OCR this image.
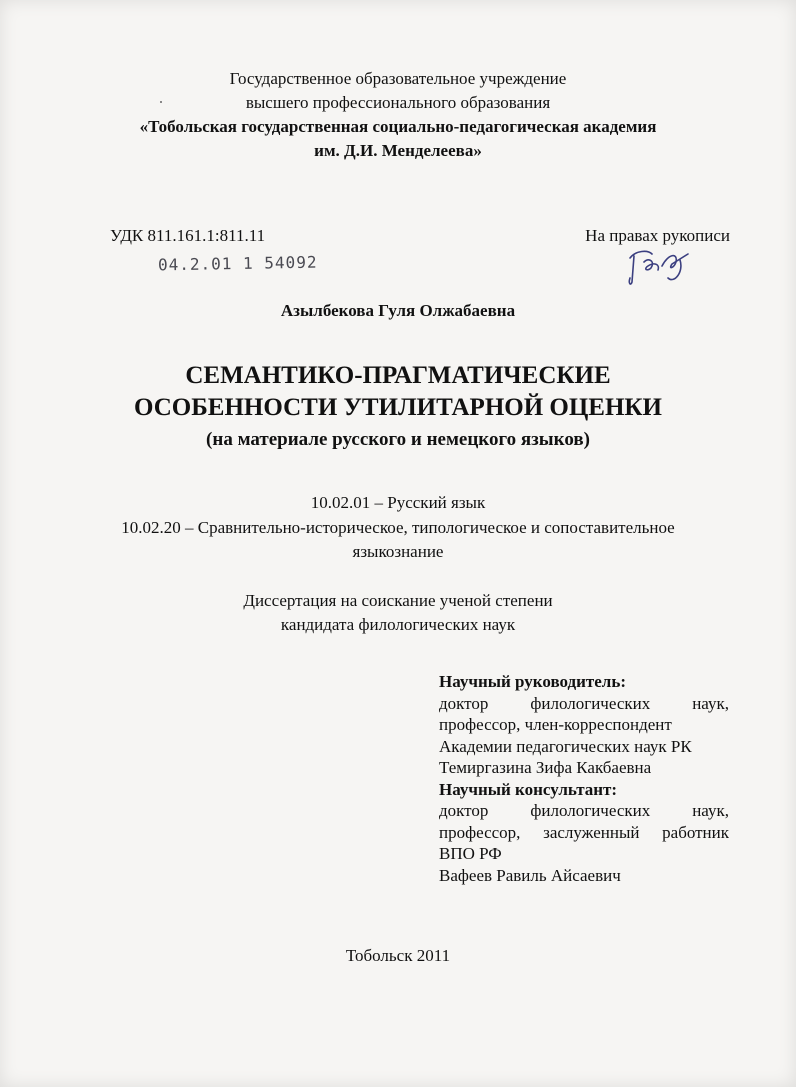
Государственное образовательное учреждение
высшего профессионального образования
«Тобольская государственная социально-педагогическая академия
им. Д.И. Менделеева»
УДК 811.161.1:811.11	На правах рукописи
04.2.01 1 54092
Азылбекова Гуля Олжабаевна
СЕМАНТИКО-ПРАГМАТИЧЕСКИЕ
ОСОБЕННОСТИ УТИЛИТАРНОЙ ОЦЕНКИ
(на материале русского и немецкого языков)
10.02.01 – Русский язык
10.02.20 – Сравнительно-историческое, типологическое и сопоставительное
языкознание
Диссертация на соискание ученой степени
кандидата филологических наук
Научный руководитель:
доктор филологических наук,
профессор, член-корреспондент
Академии педагогических наук РК
Темиргазина Зифа Какбаевна
Научный консультант:
доктор филологических наук,
профессор, заслуженный работник
ВПО РФ
Вафеев Равиль Айсаевич
Тобольск 2011
